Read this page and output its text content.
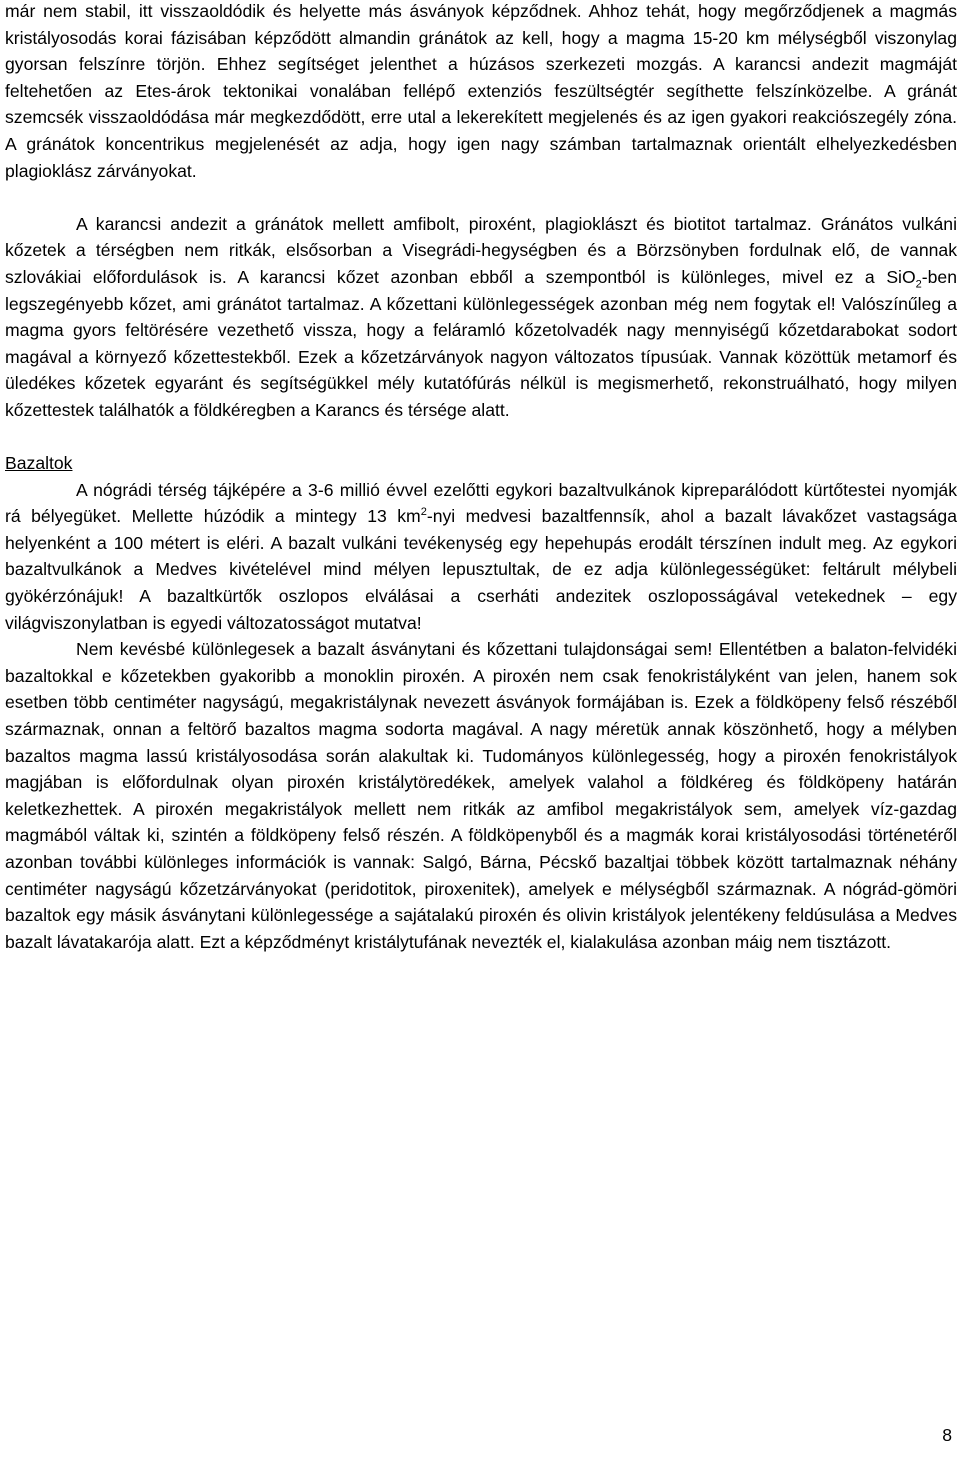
már nem stabil, itt visszaoldódik és helyette más ásványok képződnek. Ahhoz tehát, hogy megőrződjenek a magmás kristályosodás korai fázisában képződött almandin gránátok az kell, hogy a magma 15-20 km mélységből viszonylag gyorsan felszínre törjön. Ehhez segítséget jelenthet a húzásos szerkezeti mozgás. A karancsi andezit magmáját feltehetően az Etes-árok tektonikai vonalában fellépő extenziós feszültségtér segíthette felszínközelbe. A gránát szemcsék visszaoldódása már megkezdődött, erre utal a lekerekített megjelenés és az igen gyakori reakciószegély zóna. A gránátok koncentrikus megjelenését az adja, hogy igen nagy számban tartalmaznak orientált elhelyezkedésben plagioklász zárványokat.

A karancsi andezit a gránátok mellett amfibolt, piroxént, plagioklászt és biotitot tartalmaz. Gránátos vulkáni kőzetek a térségben nem ritkák, elsősorban a Visegrádi-hegységben és a Börzsönyben fordulnak elő, de vannak szlovákiai előfordulások is. A karancsi kőzet azonban ebből a szempontból is különleges, mivel ez a SiO$_2$-ben legszegényebb kőzet, ami gránátot tartalmaz. A kőzettani különlegességek azonban még nem fogytak el! Valószínűleg a magma gyors feltörésére vezethető vissza, hogy a feláramló kőzetolvadék nagy mennyiségű kőzetdarabokat sodort magával a környező kőzettestekből. Ezek a kőzetzárványok nagyon változatos típusúak. Vannak közöttük metamorf és üledékes kőzetek egyaránt és segítségükkel mély kutatófúrás nélkül is megismerhető, rekonstruálható, hogy milyen kőzettestek találhatók a földkéregben a Karancs és térsége alatt.

Bazaltok

A nógrádi térség tájképére a 3-6 millió évvel ezelőtti egykori bazaltvulkánok kipreparálódott kürtőtestei nyomják rá bélyegüket. Mellette húzódik a mintegy 13 $km^2$-nyi medvesi bazaltfennsík, ahol a bazalt lávakőzet vastagsága helyenként a 100 métert is eléri. A bazalt vulkáni tevékenység egy hepehupás erodált térszínen indult meg. Az egykori bazaltvulkánok a Medves kivételével mind mélyen lepusztultak, de ez adja különlegességüket: feltárult mélybeli gyökérzónájuk! A bazaltkürtők oszlopos elválásai a cserháti andezitek oszloposságával vetekednek – egy világviszonylatban is egyedi változatosságot mutatva!

Nem kevésbé különlegesek a bazalt ásványtani és kőzettani tulajdonságai sem! Ellentétben a balaton-felvidéki bazaltokkal e kőzetekben gyakoribb a monoklin piroxén. A piroxén nem csak fenokristályként van jelen, hanem sok esetben több centiméter nagyságú, megakristálynak nevezett ásványok formájában is. Ezek a földköpeny felső részéből származnak, onnan a feltörő bazaltos magma sodorta magával. A nagy méretük annak köszönhető, hogy a mélyben bazaltos magma lassú kristályosodása során alakultak ki. Tudományos különlegesség, hogy a piroxén fenokristályok magjában is előfordulnak olyan piroxén kristálytöredékek, amelyek valahol a földkéreg és földköpeny határán keletkezhettek. A piroxén megakristályok mellett nem ritkák az amfibol megakristályok sem, amelyek víz-gazdag magmából váltak ki, szintén a földköpeny felső részén. A földköpenyből és a magmák korai kristályosodási történetéről azonban további különleges információk is vannak: Salgó, Bárna, Pécskő bazaltjai többek között tartalmaznak néhány centiméter nagyságú kőzetzárványokat (peridotitok, piroxenitek), amelyek e mélységből származnak. A nógrád-gömöri bazaltok egy másik ásványtani különlegessége a sajátalakú piroxén és olivin kristályok jelentékeny feldúsulása a Medves bazalt lávatakarója alatt. Ezt a képződményt kristálytufának nevezték el, kialakulása azonban máig nem tisztázott.

8
